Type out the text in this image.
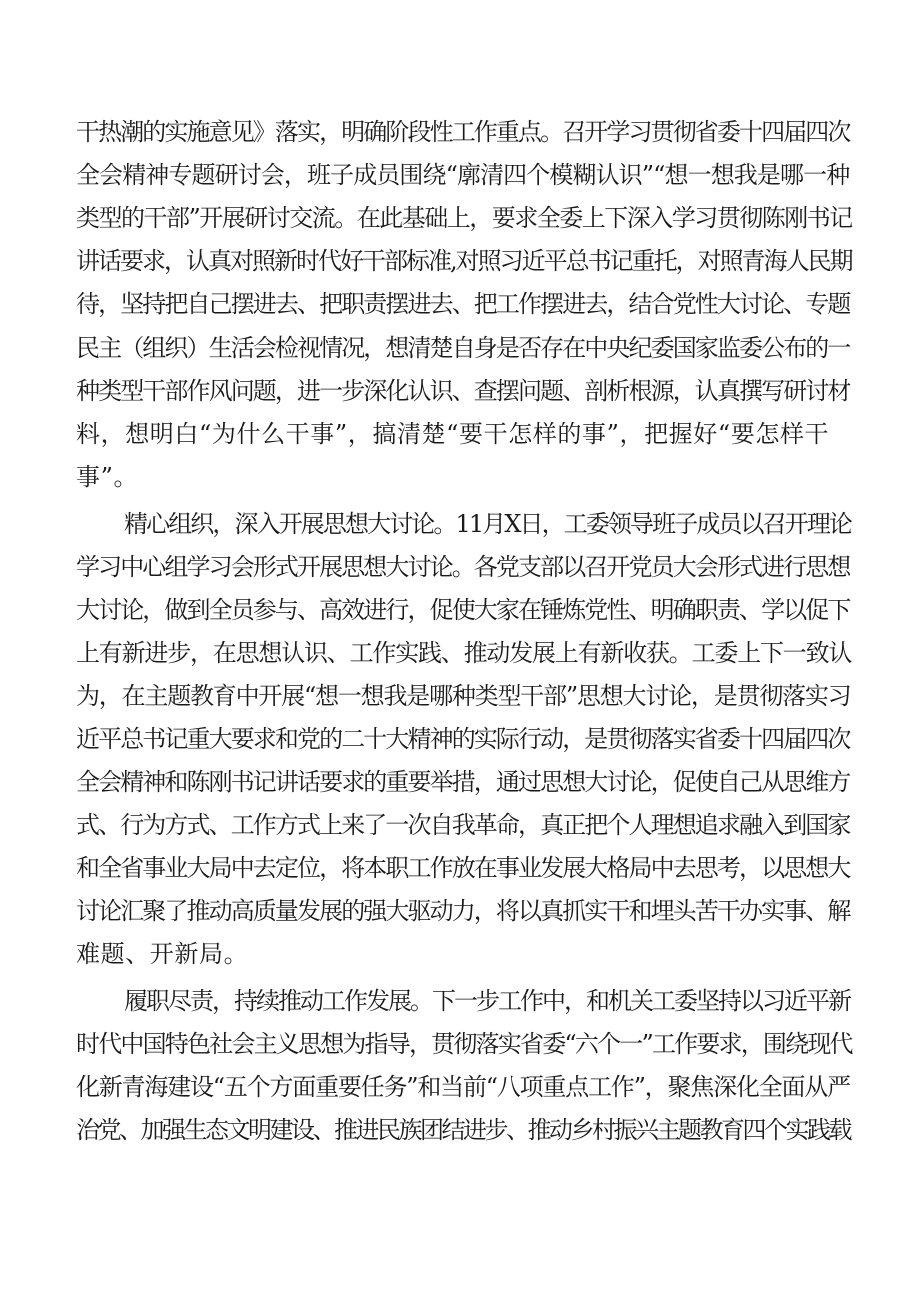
干热潮的实施意见》落实，明确阶段性工作重点。召开学习贯彻省委十四届四次
全会精神专题研讨会，班子成员围绕“廓清四个模糊认识”“想一想我是哪一种
类型的干部”开展研讨交流。在此基础上，要求全委上下深入学习贯彻陈刚书记
讲话要求，认真对照新时代好干部标准,对照习近平总书记重托，对照青海人民期
待，坚持把自己摆进去、把职责摆进去、把工作摆进去，结合党性大讨论、专题
民主（组织）生活会检视情况，想清楚自身是否存在中央纪委国家监委公布的一
种类型干部作风问题，进一步深化认识、查摆问题、剖析根源，认真撰写研讨材
料，想明白“为什么干事”，搞清楚“要干怎样的事”，把握好“要怎样干
事”。
精心组织，深入开展思想大讨论。11月X日，工委领导班子成员以召开理论
学习中心组学习会形式开展思想大讨论。各党支部以召开党员大会形式进行思想
大讨论，做到全员参与、高效进行，促使大家在锤炼党性、明确职责、学以促下
上有新进步，在思想认识、工作实践、推动发展上有新收获。工委上下一致认
为，在主题教育中开展“想一想我是哪种类型干部”思想大讨论，是贯彻落实习
近平总书记重大要求和党的二十大精神的实际行动，是贯彻落实省委十四届四次
全会精神和陈刚书记讲话要求的重要举措，通过思想大讨论，促使自己从思维方
式、行为方式、工作方式上来了一次自我革命，真正把个人理想追求融入到国家
和全省事业大局中去定位，将本职工作放在事业发展大格局中去思考，以思想大
讨论汇聚了推动高质量发展的强大驱动力，将以真抓实干和埋头苦干办实事、解
难题、开新局。
履职尽责，持续推动工作发展。下一步工作中，和机关工委坚持以习近平新
时代中国特色社会主义思想为指导，贯彻落实省委“六个一”工作要求，围绕现代
化新青海建设“五个方面重要任务”和当前“八项重点工作”，聚焦深化全面从严
治党、加强生态文明建设、推进民族团结进步、推动乡村振兴主题教育四个实践载
